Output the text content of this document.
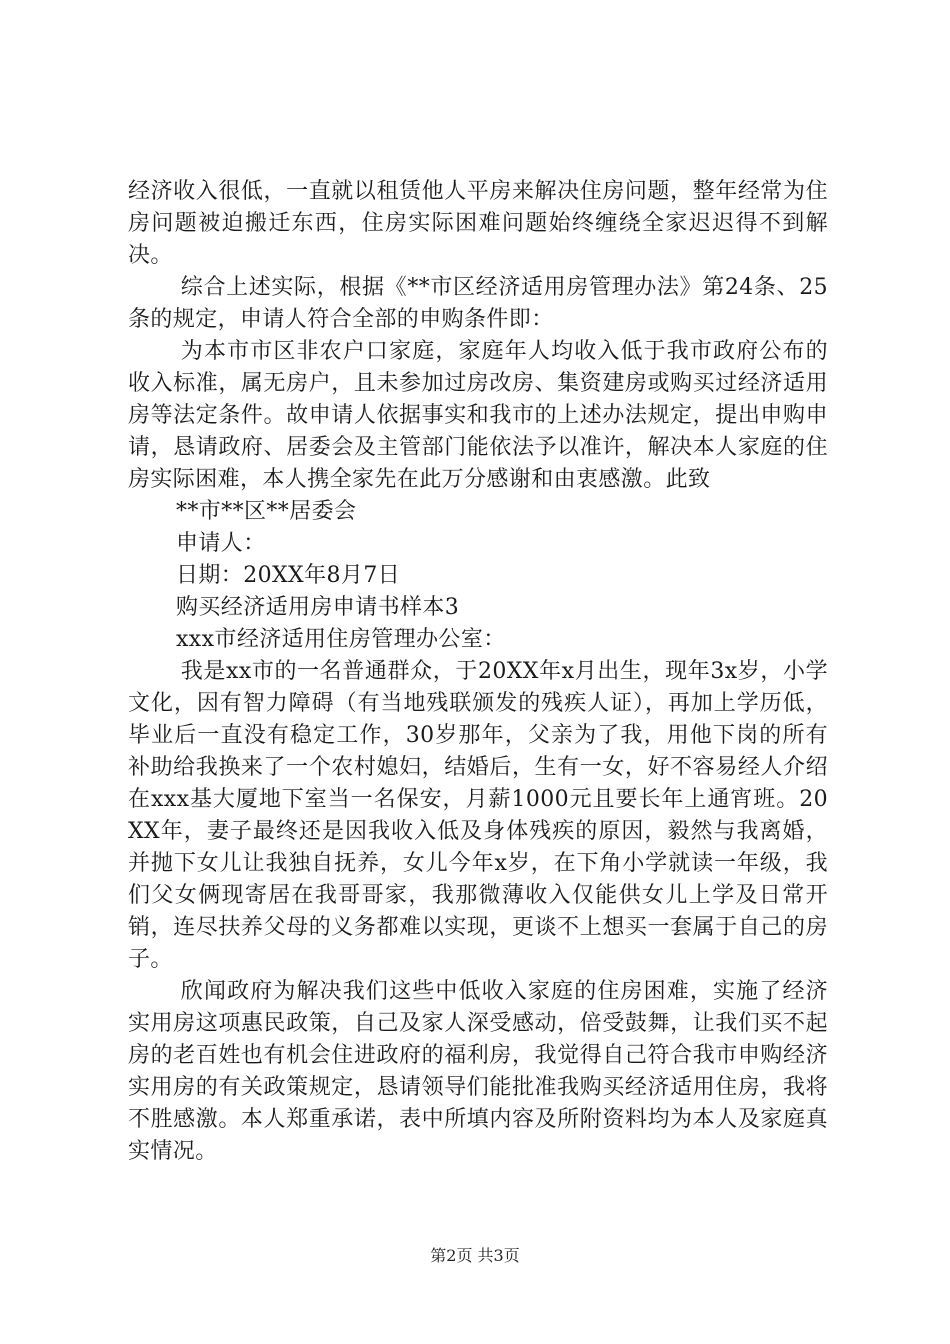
经济收入很低，一直就以租赁他人平房来解决住房问题，整年经常为住房问题被迫搬迁东西，住房实际困难问题始终缠绕全家迟迟得不到解决。

综合上述实际，根据《**市区经济适用房管理办法》第24条、25条的规定，申请人符合全部的申购条件即：

为本市市区非农户口家庭，家庭年人均收入低于我市政府公布的收入标准，属无房户，且未参加过房改房、集资建房或购买过经济适用房等法定条件。故申请人依据事实和我市的上述办法规定，提出申购申请，恳请政府、居委会及主管部门能依法予以准许，解决本人家庭的住房实际困难，本人携全家先在此万分感谢和由衷感激。此致

**市**区**居委会

申请人：

日期：20XX年8月7日

购买经济适用房申请书样本3

xxx市经济适用住房管理办公室：

我是xx市的一名普通群众，于20XX年x月出生，现年3x岁，小学文化，因有智力障碍（有当地残联颁发的残疾人证），再加上学历低，毕业后一直没有稳定工作，30岁那年，父亲为了我，用他下岗的所有补助给我换来了一个农村媳妇，结婚后，生有一女，好不容易经人介绍在xxx基大厦地下室当一名保安，月薪1000元且要长年上通宵班。20XX年，妻子最终还是因我收入低及身体残疾的原因，毅然与我离婚，并抛下女儿让我独自抚养，女儿今年x岁，在下角小学就读一年级，我们父女俩现寄居在我哥哥家，我那微薄收入仅能供女儿上学及日常开销，连尽扶养父母的义务都难以实现，更谈不上想买一套属于自己的房子。

欣闻政府为解决我们这些中低收入家庭的住房困难，实施了经济实用房这项惠民政策，自己及家人深受感动，倍受鼓舞，让我们买不起房的老百姓也有机会住进政府的福利房，我觉得自己符合我市申购经济实用房的有关政策规定，恳请领导们能批准我购买经济适用住房，我将不胜感激。本人郑重承诺，表中所填内容及所附资料均为本人及家庭真实情况。

第2页 共3页
